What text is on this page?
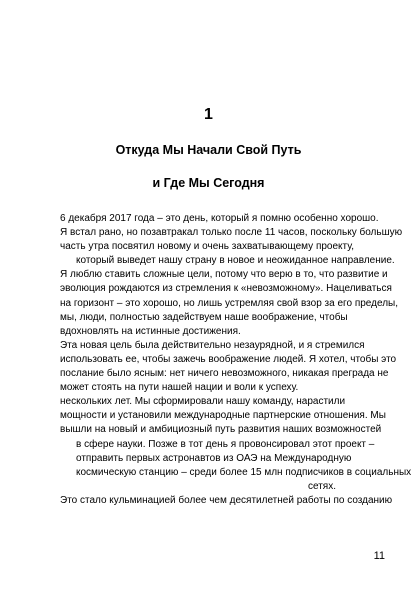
1
Откуда Мы Начали Свой Путь
и Где Мы Сегодня
6 декабря 2017 года – это день, который я помню особенно хорошо.
Я встал рано, но позавтракал только после 11 часов, поскольку большую
часть утра посвятил новому и очень захватывающему проекту,
который выведет нашу страну в новое и неожиданное направление.
Я люблю ставить сложные цели, потому что верю в то, что развитие и
эволюция рождаются из стремления к «невозможному». Нацеливаться
на горизонт – это хорошо, но лишь устремляя свой взор за его пределы,
мы, люди, полностью задействуем наше воображение, чтобы
вдохновлять на истинные достижения.
Эта новая цель была действительно незаурядной, и я стремился
использовать ее, чтобы зажечь воображение людей. Я хотел, чтобы это
послание было ясным: нет ничего невозможного, никакая преграда не
может стоять на пути нашей нации и воли к успеху.
нескольких лет. Мы сформировали нашу команду, нарастили
мощности и установили международные партнерские отношения. Мы
вышли на новый и амбициозный путь развития наших возможностей
в сфере науки. Позже в тот день я провонсировал этот проект –
отправить первых астронавтов из ОАЭ на Международную
космическую станцию – среди более 15 млн подписчиков в социальных
сетях.
Это стало кульминацией более чем десятилетней работы по созданию
11
